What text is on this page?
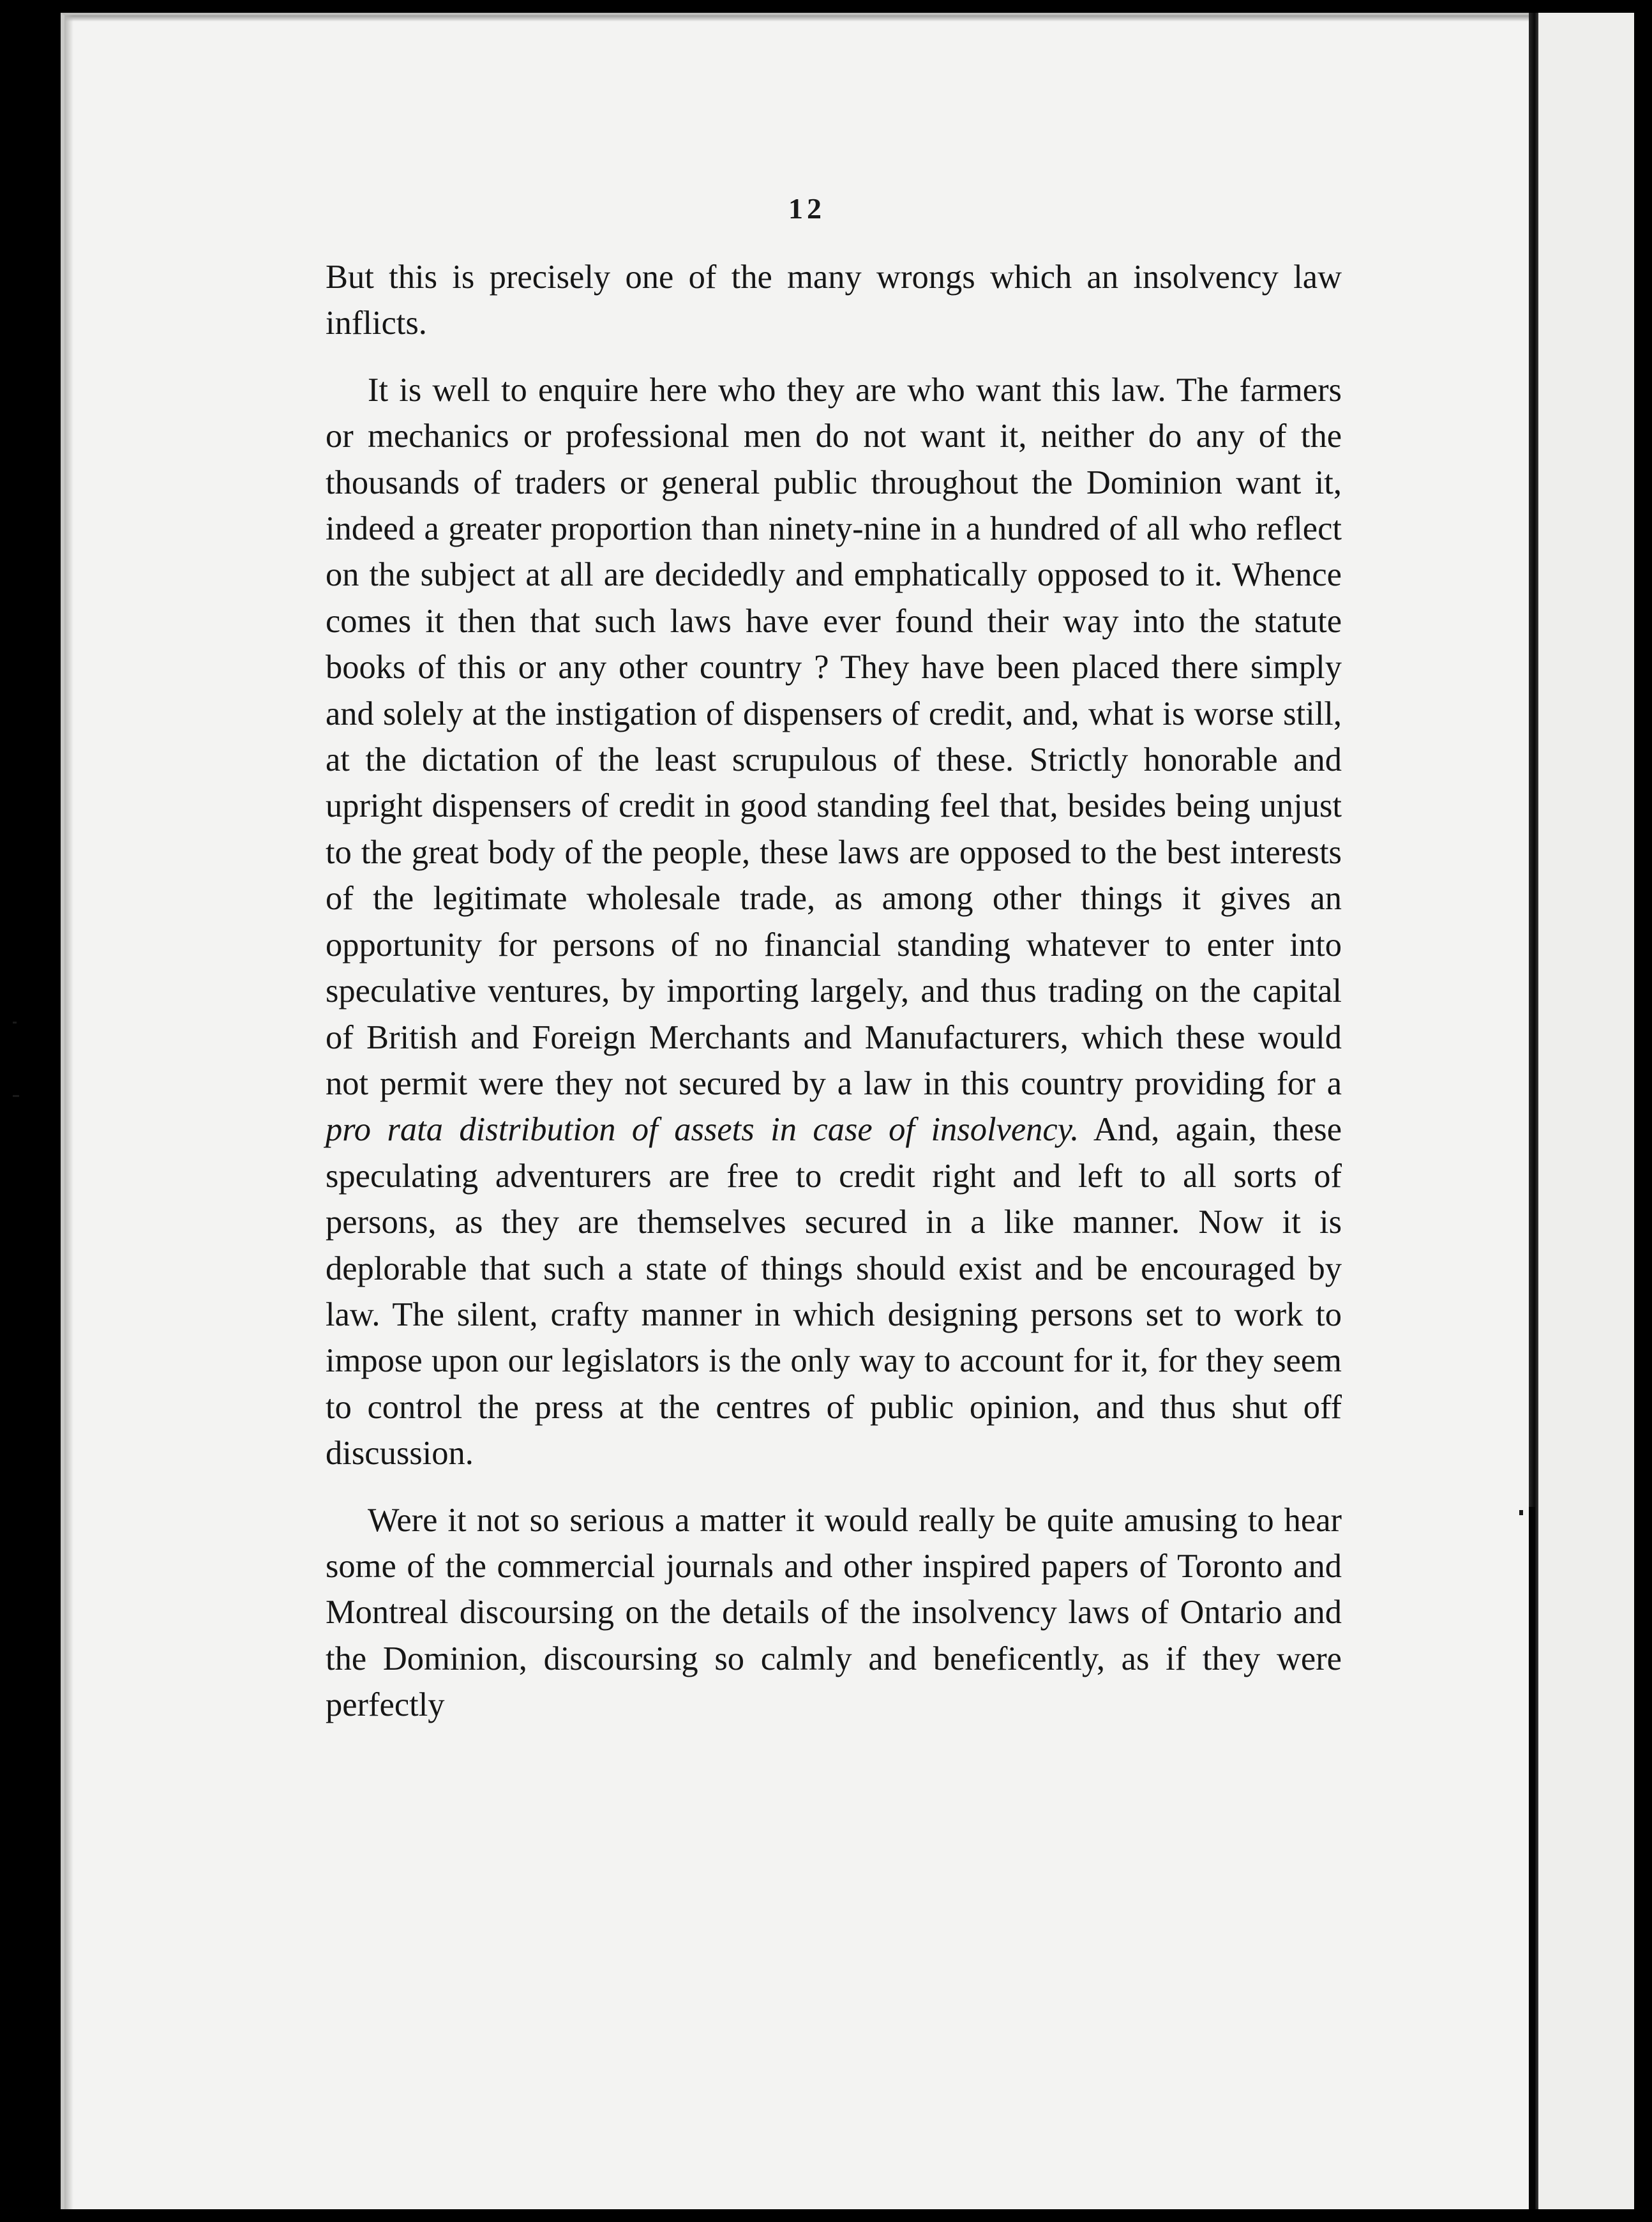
12

But this is precisely one of the many wrongs which an insolvency law inflicts.

It is well to enquire here who they are who want this law. The farmers or mechanics or professional men do not want it, neither do any of the thousands of traders or general public throughout the Dominion want it, indeed a greater proportion than ninety-nine in a hundred of all who reflect on the subject at all are decidedly and emphatically opposed to it. Whence comes it then that such laws have ever found their way into the statute books of this or any other country ? They have been placed there simply and solely at the instigation of dispensers of credit, and, what is worse still, at the dictation of the least scrupulous of these. Strictly honorable and upright dispensers of credit in good standing feel that, besides being unjust to the great body of the people, these laws are opposed to the best interests of the legitimate wholesale trade, as among other things it gives an opportunity for persons of no financial standing whatever to enter into speculative ventures, by importing largely, and thus trading on the capital of British and Foreign Merchants and Manufacturers, which these would not permit were they not secured by a law in this country providing for a pro rata distribution of assets in case of insolvency. And, again, these speculating adventurers are free to credit right and left to all sorts of persons, as they are themselves secured in a like manner. Now it is deplorable that such a state of things should exist and be encouraged by law. The silent, crafty manner in which designing persons set to work to impose upon our legislators is the only way to account for it, for they seem to control the press at the centres of public opinion, and thus shut off discussion.

Were it not so serious a matter it would really be quite amusing to hear some of the commercial journals and other inspired papers of Toronto and Montreal discoursing on the details of the insolvency laws of Ontario and the Dominion, discoursing so calmly and beneficently, as if they were perfectly
